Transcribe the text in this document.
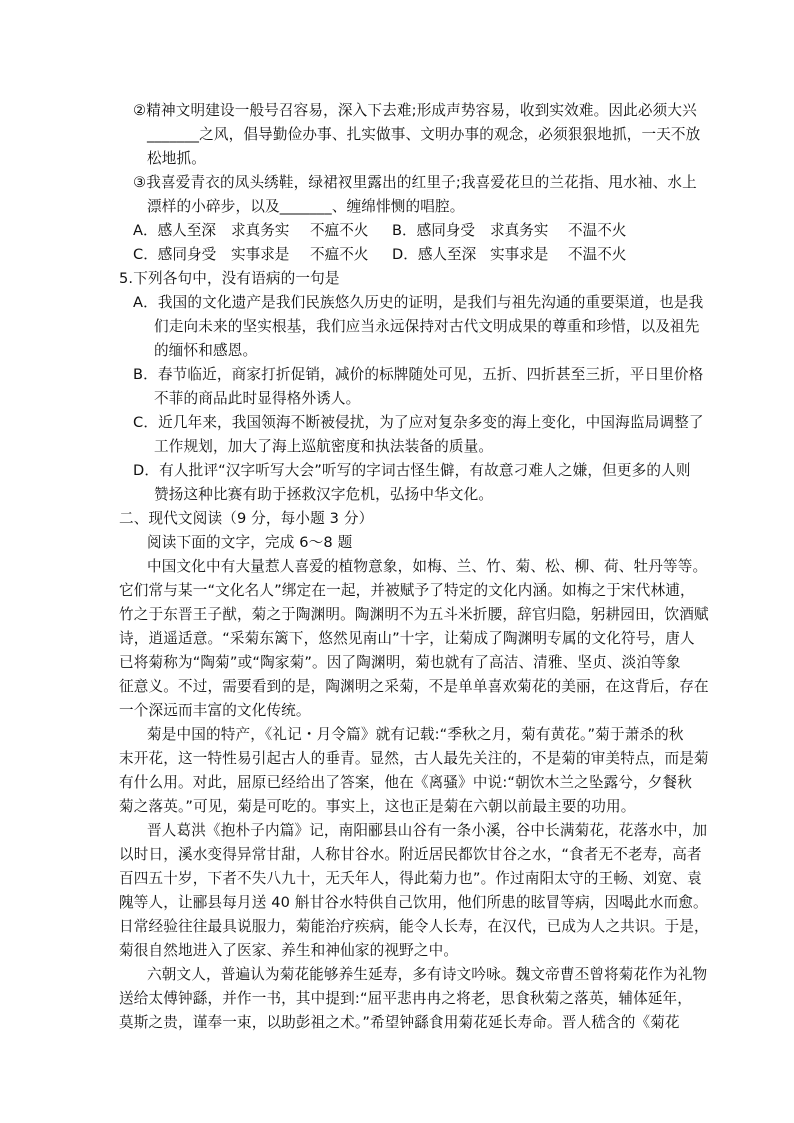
②精神文明建设一般号召容易，深入下去难;形成声势容易，收到实效难。因此必须大兴
_______之风，倡导勤俭办事、扎实做事、文明办事的观念，必须狠狠地抓，一天不放
松地抓。
③我喜爱青衣的凤头绣鞋，绿裙衩里露出的红里子;我喜爱花旦的兰花指、甩水袖、水上
漂样的小碎步，以及_______、缠绵悱恻的唱腔。
A．感人至深 求真务实 不瘟不火 B．感同身受 求真务实 不温不火
C．感同身受 实事求是 不瘟不火 D．感人至深 实事求是 不温不火
5.下列各句中，没有语病的一句是
A．我国的文化遗产是我们民族悠久历史的证明，是我们与祖先沟通的重要渠道，也是我
们走向未来的坚实根基，我们应当永远保持对古代文明成果的尊重和珍惜，以及祖先
的缅怀和感恩。
B．春节临近，商家打折促销，减价的标牌随处可见，五折、四折甚至三折，平日里价格
不菲的商品此时显得格外诱人。
C．近几年来，我国领海不断被侵扰，为了应对复杂多变的海上变化，中国海监局调整了
工作规划，加大了海上巡航密度和执法装备的质量。
D．有人批评“汉字听写大会”听写的字词古怪生僻，有故意刁难人之嫌，但更多的人则
赞扬这种比赛有助于拯救汉字危机，弘扬中华文化。
二、现代文阅读（9 分，每小题 3 分）
阅读下面的文字，完成 6～8 题
中国文化中有大量惹人喜爱的植物意象，如梅、兰、竹、菊、松、柳、荷、牡丹等等。
它们常与某一“文化名人”绑定在一起，并被赋予了特定的文化内涵。如梅之于宋代林逋，
竹之于东晋王子猷，菊之于陶渊明。陶渊明不为五斗米折腰，辞官归隐，躬耕园田，饮酒赋
诗，逍遥适意。“采菊东篱下，悠然见南山”十字，让菊成了陶渊明专属的文化符号，唐人
已将菊称为“陶菊”或“陶家菊”。因了陶渊明，菊也就有了高洁、清雅、坚贞、淡泊等象
征意义。不过，需要看到的是，陶渊明之采菊，不是单单喜欢菊花的美丽，在这背后，存在
一个深远而丰富的文化传统。
菊是中国的特产，《礼记・月令篇》就有记载:“季秋之月，菊有黄花。”菊于萧杀的秋
末开花，这一特性易引起古人的垂青。显然，古人最先关注的，不是菊的审美特点，而是菊
有什么用。对此，屈原已经给出了答案，他在《离骚》中说:“朝饮木兰之坠露兮，夕餐秋
菊之落英。”可见，菊是可吃的。事实上，这也正是菊在六朝以前最主要的功用。
晋人葛洪《抱朴子内篇》记，南阳郦县山谷有一条小溪，谷中长满菊花，花落水中，加
以时日，溪水变得异常甘甜，人称甘谷水。附近居民都饮甘谷之水，“食者无不老寿，高者
百四五十岁，下者不失八九十，无夭年人，得此菊力也”。作过南阳太守的王畅、刘宽、袁
隗等人，让郦县每月送 40 斛甘谷水特供自己饮用，他们所患的眩冒等病，因喝此水而愈。
日常经验往往最具说服力，菊能治疗疾病，能令人长寿，在汉代，已成为人之共识。于是，
菊很自然地进入了医家、养生和神仙家的视野之中。
六朝文人，普遍认为菊花能够养生延寿，多有诗文吟咏。魏文帝曹丕曾将菊花作为礼物
送给太傅钟繇，并作一书，其中提到:“屈平悲冉冉之将老，思食秋菊之落英，辅体延年，
莫斯之贵，谨奉一束，以助彭祖之术。”希望钟繇食用菊花延长寿命。晋人嵇含的《菊花
